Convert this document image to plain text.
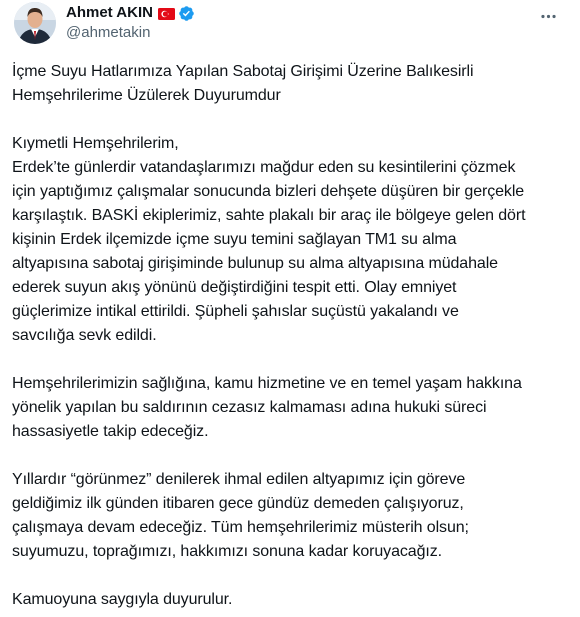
Ahmet AKIN
@ahmetakin

İçme Suyu Hatlarımıza Yapılan Sabotaj Girişimi Üzerine Balıkesirli
Hemşehrilerime Üzülerek Duyurumdur

Kıymetli Hemşehrilerim,
Erdek’te günlerdir vatandaşlarımızı mağdur eden su kesintilerini çözmek
için yaptığımız çalışmalar sonucunda bizleri dehşete düşüren bir gerçekle
karşılaştık. BASKİ ekiplerimiz, sahte plakalı bir araç ile bölgeye gelen dört
kişinin Erdek ilçemizde içme suyu temini sağlayan TM1 su alma
altyapısına sabotaj girişiminde bulunup su alma altyapısına müdahale
ederek suyun akış yönünü değiştirdiğini tespit etti. Olay emniyet
güçlerimize intikal ettirildi. Şüpheli şahıslar suçüstü yakalandı ve
savcılığa sevk edildi.

Hemşehrilerimizin sağlığına, kamu hizmetine ve en temel yaşam hakkına
yönelik yapılan bu saldırının cezasız kalmaması adına hukuki süreci
hassasiyetle takip edeceğiz.

Yıllardır “görünmez” denilerek ihmal edilen altyapımız için göreve
geldiğimiz ilk günden itibaren gece gündüz demeden çalışıyoruz,
çalışmaya devam edeceğiz. Tüm hemşehrilerimiz müsterih olsun;
suyumuzu, toprağımızı, hakkımızı sonuna kadar koruyacağız.

Kamuoyuna saygıyla duyurulur.
